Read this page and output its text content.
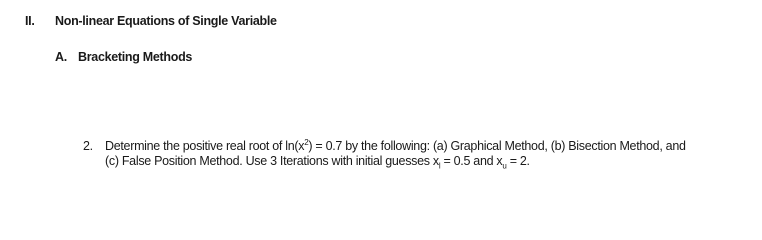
II. Non-linear Equations of Single Variable
A. Bracketing Methods
2. Determine the positive real root of $\ln(x^2) = 0.7$ by the following: (a) Graphical Method, (b) Bisection Method, and
(c) False Position Method. Use 3 Iterations with initial guesses $x_l = 0.5$ and $x_u = 2$.
